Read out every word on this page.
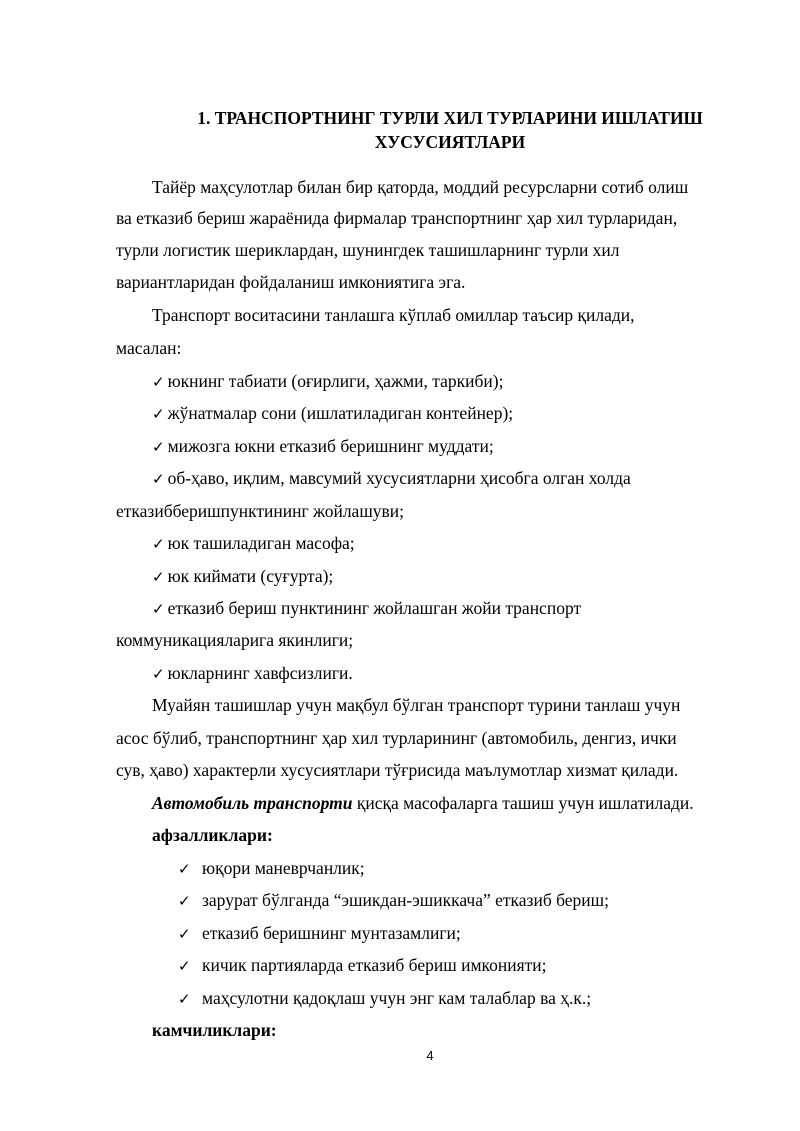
1. ТРАНСПОРТНИНГ ТУРЛИ ХИЛ ТУРЛАРИНИ ИШЛАТИШ
ХУСУСИЯТЛАРИ
Тайёр маҳсулотлар билан бир қаторда, моддий ресурсларни сотиб олиш
ва етказиб бериш жараёнида фирмалар транспортнинг ҳар хил турларидан,
турли логистик шериклардан, шунингдек ташишларнинг турли хил
вариантларидан фойдаланиш имкониятига эга.
Транспорт воситасини танлашга кўплаб омиллар таъсир қилади,
масалан:
✓ юкнинг табиати (оғирлиги, ҳажми, таркиби);
✓ жўнатмалар сони (ишлатиладиган контейнер);
✓ мижозга юкни етказиб беришнинг муддати;
✓ об-ҳаво, иқлим, мавсумий хусусиятларни ҳисобга олган холда
етказибберишпунктининг жойлашуви;
✓ юк ташиладиган масофа;
✓ юк киймати (суғурта);
✓ етказиб бериш пунктининг жойлашган жойи транспорт
коммуникацияларига якинлиги;
✓ юкларнинг хавфсизлиги.
Муайян ташишлар учун мақбул бўлган транспорт турини танлаш учун
асос бўлиб, транспортнинг ҳар хил турларининг (автомобиль, денгиз, ички
сув, ҳаво) характерли хусусиятлари тўғрисида маълумотлар хизмат қилади.
Автомобиль транспорти қисқа масофаларга ташиш учун ишлатилади.
афзалликлари:
✓ юқори маневрчанлик;
✓ зарурат бўлганда “эшикдан-эшиккача” етказиб бериш;
✓ етказиб беришнинг мунтазамлиги;
✓ кичик партияларда етказиб бериш имконияти;
✓ маҳсулотни қадоқлаш учун энг кам талаблар ва ҳ.к.;
камчиликлари:
4
